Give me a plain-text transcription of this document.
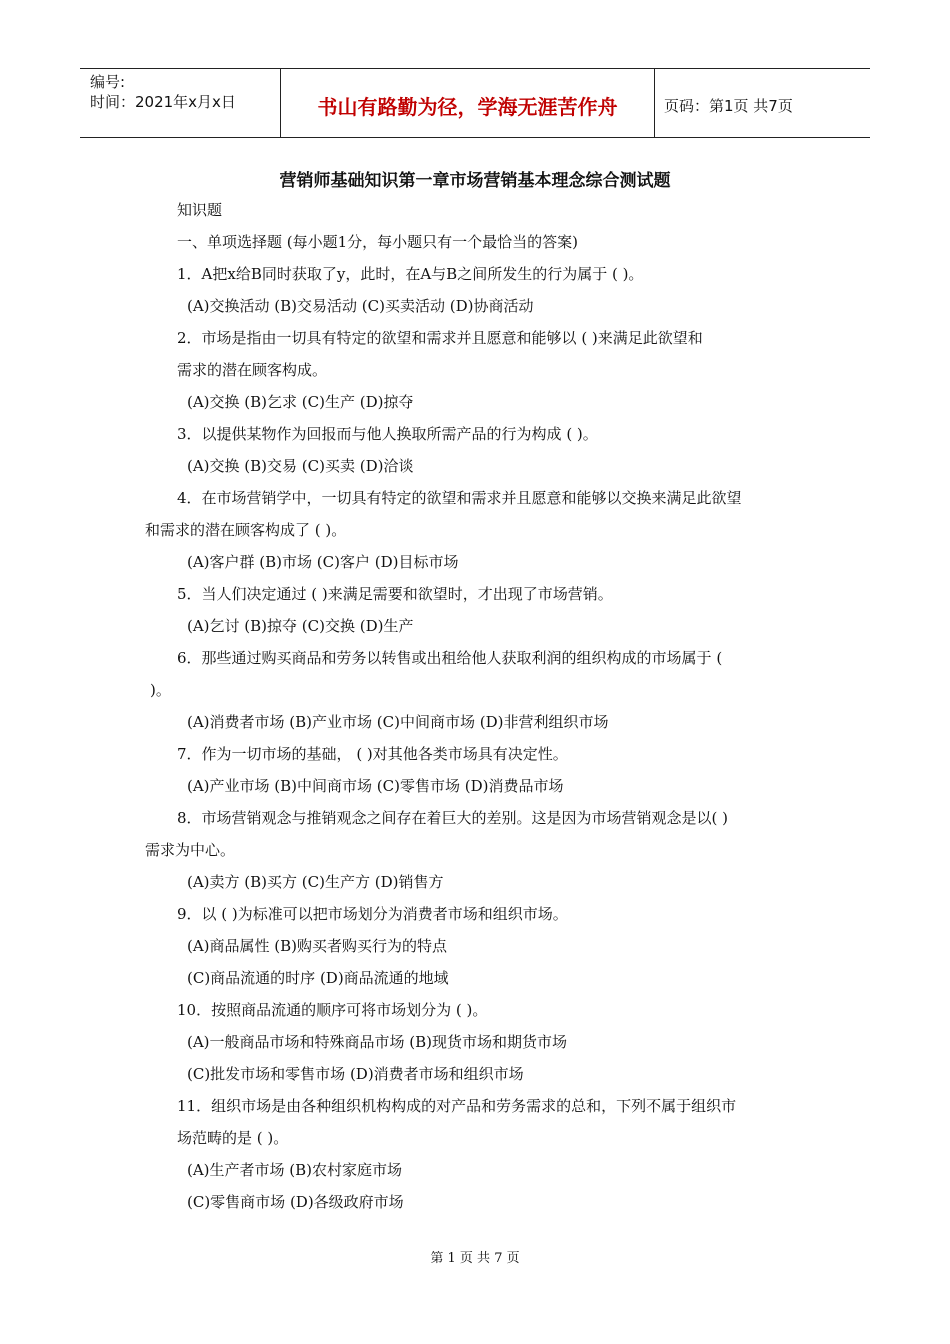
编号:
时间：2021年x月x日	书山有路勤为径，学海无涯苦作舟	页码：第1页 共7页
营销师基础知识第一章市场营销基本理念综合测试题
知识题
一、单项选择题 (每小题1分，每小题只有一个最恰当的答案)
1．A把x给B同时获取了y，此时，在A与B之间所发生的行为属于 ( )。
(A)交换活动 (B)交易活动 (C)买卖活动 (D)协商活动
2．市场是指由一切具有特定的欲望和需求并且愿意和能够以 ( )来满足此欲望和
需求的潜在顾客构成。
(A)交换 (B)乞求 (C)生产 (D)掠夺
3．以提供某物作为回报而与他人换取所需产品的行为构成 ( )。
(A)交换 (B)交易 (C)买卖 (D)洽谈
4．在市场营销学中，一切具有特定的欲望和需求并且愿意和能够以交换来满足此欲望
和需求的潜在顾客构成了 ( )。
(A)客户群 (B)市场 (C)客户 (D)目标市场
5．当人们决定通过 ( )来满足需要和欲望时，才出现了市场营销。
(A)乞讨 (B)掠夺 (C)交换 (D)生产
6．那些通过购买商品和劳务以转售或出租给他人获取利润的组织构成的市场属于 (
)。
(A)消费者市场 (B)产业市场 (C)中间商市场 (D)非营利组织市场
7．作为一切市场的基础， ( )对其他各类市场具有决定性。
(A)产业市场 (B)中间商市场 (C)零售市场 (D)消费品市场
8．市场营销观念与推销观念之间存在着巨大的差别。这是因为市场营销观念是以( )
需求为中心。
(A)卖方 (B)买方 (C)生产方 (D)销售方
9．以 ( )为标准可以把市场划分为消费者市场和组织市场。
(A)商品属性 (B)购买者购买行为的特点
(C)商品流通的时序 (D)商品流通的地域
10．按照商品流通的顺序可将市场划分为 ( )。
(A)一般商品市场和特殊商品市场 (B)现货市场和期货市场
(C)批发市场和零售市场 (D)消费者市场和组织市场
11．组织市场是由各种组织机构构成的对产品和劳务需求的总和，下列不属于组织市
场范畴的是 ( )。
(A)生产者市场 (B)农村家庭市场
(C)零售商市场 (D)各级政府市场
第 1 页 共 7 页
